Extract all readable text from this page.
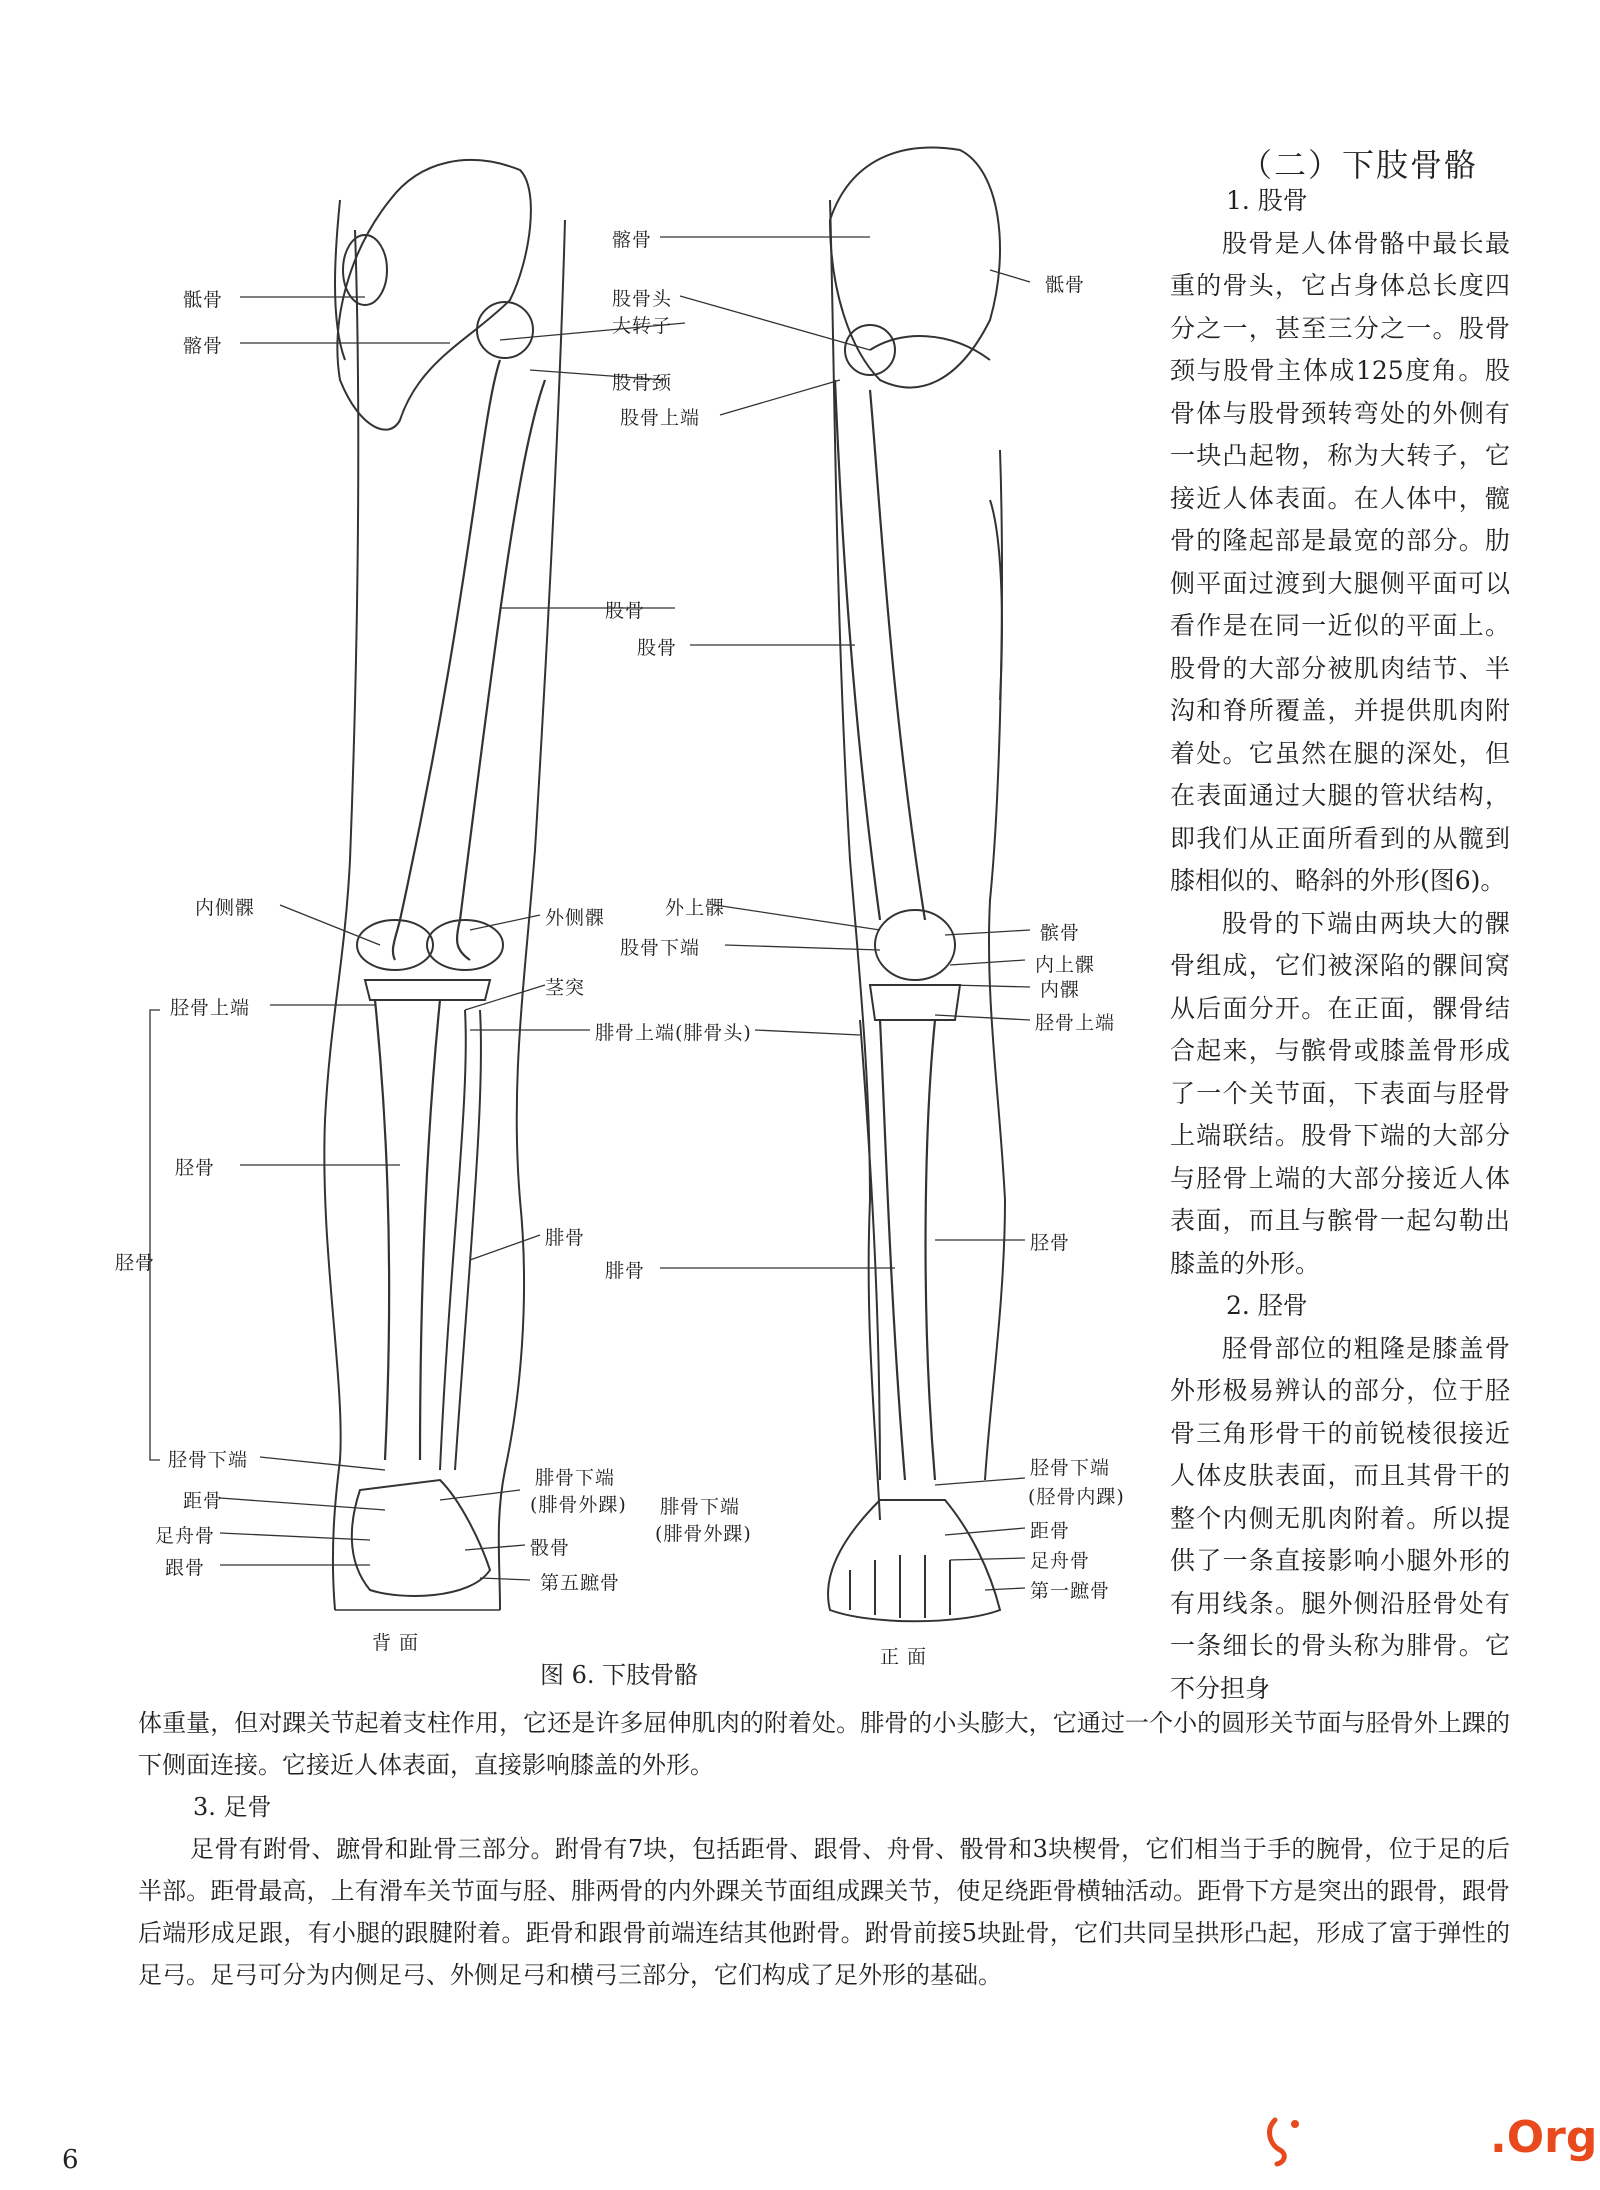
骶骨
髂骨
内侧髁
胫骨上端
胫骨
胫骨
胫骨下端
距骨
足舟骨
跟骨
髂骨
股骨头
大转子
股骨颈
股骨上端
股骨
股骨
外侧髁	外上髁
股骨下端
茎突
腓骨上端(腓骨头)
腓骨
腓骨
腓骨下端
(腓骨外踝) 腓骨下端
(腓骨外踝)
骰骨
第五蹠骨
骶骨
髌骨
内上髁
内髁
胫骨上端
胫骨
胫骨下端
(胫骨内踝)
距骨
足舟骨
第一蹠骨
背 面
正 面
图 6. 下肢骨骼
（二）下肢骨骼

1. 股骨

股骨是人体骨骼中最长最重的骨头，它占身体总长度四分之一，甚至三分之一。股骨颈与股骨主体成125度角。股骨体与股骨颈转弯处的外侧有一块凸起物，称为大转子，它接近人体表面。在人体中，髋骨的隆起部是最宽的部分。肋侧平面过渡到大腿侧平面可以看作是在同一近似的平面上。股骨的大部分被肌肉结节、半沟和脊所覆盖，并提供肌肉附着处。它虽然在腿的深处，但在表面通过大腿的管状结构，即我们从正面所看到的从髋到膝相似的、略斜的外形(图6)。

股骨的下端由两块大的髁骨组成，它们被深陷的髁间窝从后面分开。在正面，髁骨结合起来，与髌骨或膝盖骨形成了一个关节面，下表面与胫骨上端联结。股骨下端的大部分与胫骨上端的大部分接近人体表面，而且与髌骨一起勾勒出膝盖的外形。

2. 胫骨

胫骨部位的粗隆是膝盖骨外形极易辨认的部分，位于胫骨三角形骨干的前锐棱很接近人体皮肤表面，而且其骨干的整个内侧无肌肉附着。所以提供了一条直接影响小腿外形的有用线条。腿外侧沿胫骨处有一条细长的骨头称为腓骨。它不分担身

体重量，但对踝关节起着支柱作用，它还是许多屈伸肌肉的附着处。腓骨的小头膨大，它通过一个小的圆形关节面与胫骨外上踝的下侧面连接。它接近人体表面，直接影响膝盖的外形。

3. 足骨

足骨有跗骨、蹠骨和趾骨三部分。跗骨有7块，包括距骨、跟骨、舟骨、骰骨和3块楔骨，它们相当于手的腕骨，位于足的后半部。距骨最高，上有滑车关节面与胫、腓两骨的内外踝关节面组成踝关节，使足绕距骨横轴活动。距骨下方是突出的跟骨，跟骨后端形成足跟，有小腿的跟腱附着。距骨和跟骨前端连结其他跗骨。跗骨前接5块趾骨，它们共同呈拱形凸起，形成了富于弹性的足弓。足弓可分为内侧足弓、外侧足弓和横弓三部分，它们构成了足外形的基础。

6	.Org
